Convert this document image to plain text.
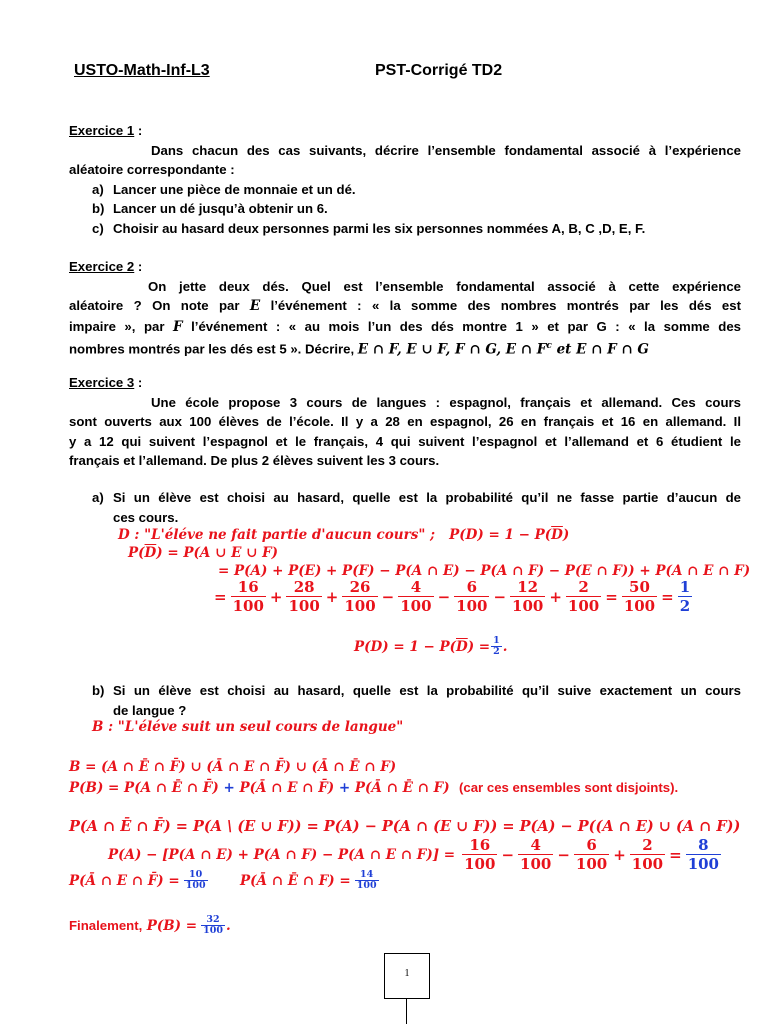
USTO-Math-Inf-L3	PST-Corrigé TD2
Exercice 1 :
Dans chacun des cas suivants, décrire l’ensemble fondamental associé à l’expérience
aléatoire correspondante :
a) Lancer une pièce de monnaie et un dé.
b) Lancer un dé jusqu’à obtenir un 6.
c) Choisir au hasard deux personnes parmi les six personnes nommées A, B, C ,D, E, F.
Exercice 2 :
On jette deux dés. Quel est l’ensemble fondamental associé à cette expérience
aléatoire ? On note par E l’événement : « la somme des nombres montrés par les dés est
impaire », par F l’événement : « au mois l’un des dés montre 1 » et par G : « la somme des
nombres montrés par les dés est 5 ». Décrire, E ∩ F, E ∪ F, F ∩ G, E ∩ $F^c$ et E ∩ F ∩ G
Exercice 3 :
Une école propose 3 cours de langues : espagnol, français et allemand. Ces cours
sont ouverts aux 100 élèves de l’école. Il y a 28 en espagnol, 26 en français et 16 en allemand. Il
y a 12 qui suivent l’espagnol et le français, 4 qui suivent l’espagnol et l’allemand et 6 étudient le
français et l’allemand. De plus 2 élèves suivent les 3 cours.
a) Si un élève est choisi au hasard, quelle est la probabilité qu’il ne fasse partie d’aucun de
ces cours.
D : "L'éléve ne fait partie d'aucun cours" ; $P(D) = 1 - P(\overline{D})$
$P(\overline{D}) = P(A$ ∪ E ∪ F)
= P(A) + P(E) + P(F) − P(A ∩ E) − P(A ∩ F) − P(E ∩ F)) + P(A ∩ E ∩ F)
= $\frac{16}{100} + \frac{28}{100} + \frac{26}{100} - \frac{4}{100} - \frac{6}{100} - \frac{12}{100} + \frac{2}{100} = \frac{50}{100} = \frac{1}{2}$
P(D) = 1 − P( $\overline{D}$ ) = $\frac{1}{2}$ .
b) Si un élève est choisi au hasard, quelle est la probabilité qu’il suive exactement un cours
de langue ?
B : "L'éléve suit un seul cours de langue"
B = (A ∩ Ē ∩ F̄) ∪ (Ā ∩ E ∩ F̄) ∪ (Ā ∩ Ē ∩ F)
P(B) = P(A ∩ Ē ∩ F̄) + P(Ā ∩ E ∩ F̄) + P(Ā ∩ Ē ∩ F) (car ces ensembles sont disjoints).
P(A ∩ Ē ∩ F̄) = P(A \ (E ∪ F)) = P(A) − P(A ∩ (E ∪ F)) = P(A) − P((A ∩ E) ∪ (A ∩ F))
P(A) − [P(A ∩ E) + P(A ∩ F) − P(A ∩ E ∩ $F)] = \frac{16}{100} - \frac{4}{100} - \frac{6}{100} + \frac{2}{100} = \frac{8}{100}$
P(Ā ∩ E ∩ F̄) = $\frac{10}{100}$ P(Ā ∩ Ē ∩ $F) = \frac{14}{100}$
Finalement,
$P(B) = \frac{32}{100}$ .
1
